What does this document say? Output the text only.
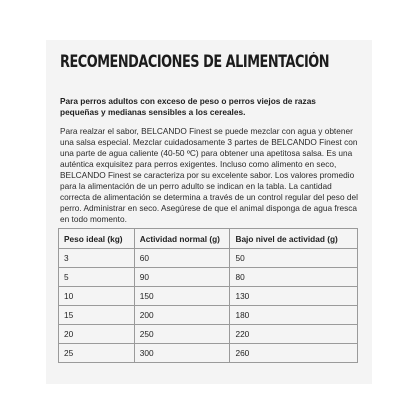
RECOMENDACIONES DE ALIMENTACIÓN

Para perros adultos con exceso de peso o perros viejos de razas pequeñas y medianas sensibles a los cereales.

Para realzar el sabor, BELCANDO Finest se puede mezclar con agua y obtener una salsa especial. Mezclar cuidadosamente 3 partes de BELCANDO Finest con una parte de agua caliente (40-50 ºC) para obtener una apetitosa salsa. Es una auténtica exquisitez para perros exigentes. Incluso como alimento en seco, BELCANDO Finest se caracteriza por su excelente sabor. Los valores promedio para la alimentación de un perro adulto se indican en la tabla. La cantidad correcta de alimentación se determina a través de un control regular del peso del perro. Administrar en seco. Asegúrese de que el animal disponga de agua fresca en todo momento.

Peso ideal (kg)	Actividad normal (g)	Bajo nivel de actividad (g)
3	60	50
5	90	80
10	150	130
15	200	180
20	250	220
25	300	260
